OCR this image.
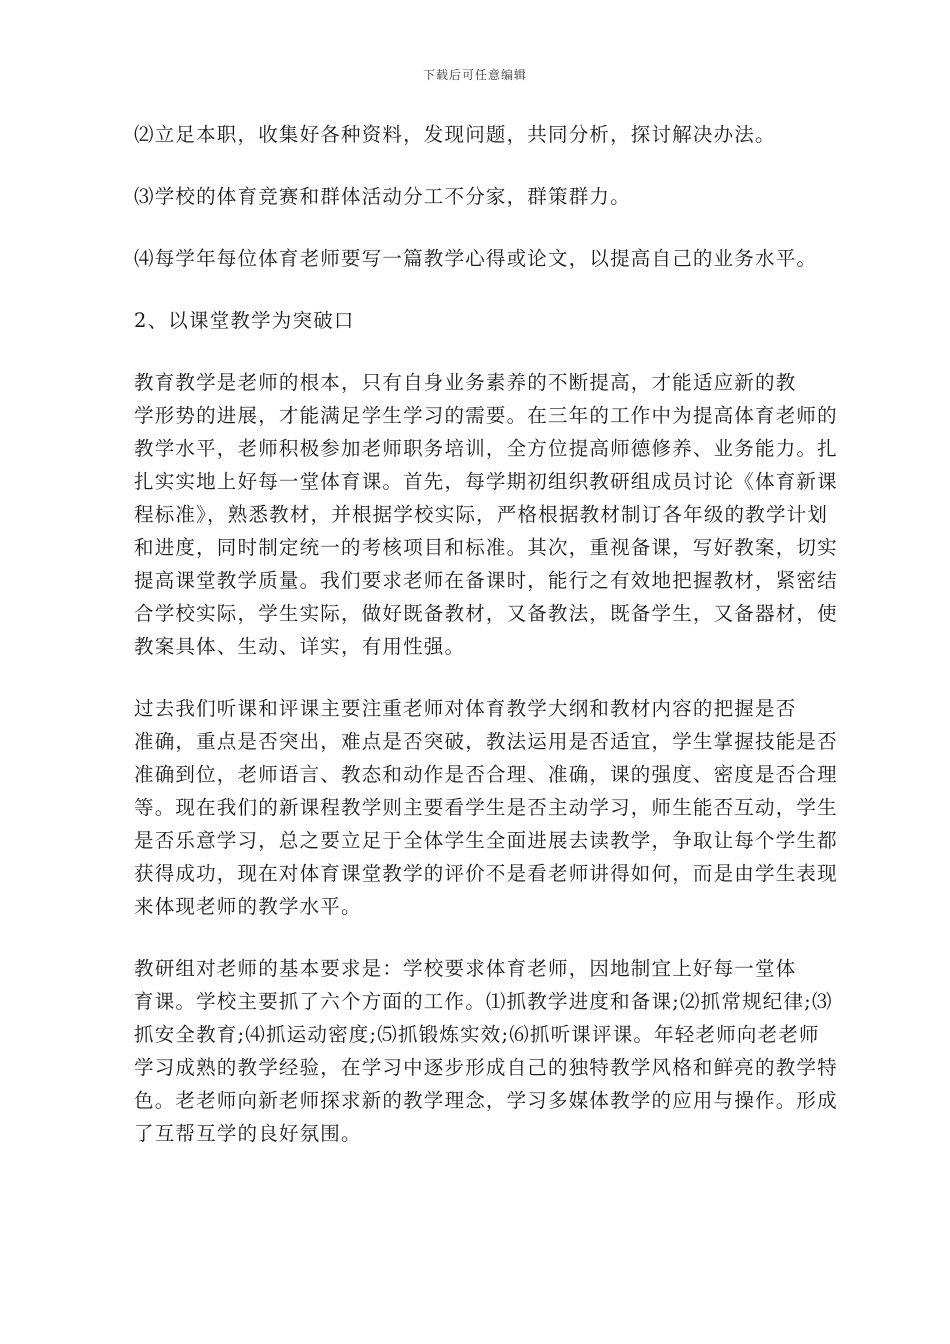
下载后可任意编辑

⑵立足本职，收集好各种资料，发现问题，共同分析，探讨解决办法。

⑶学校的体育竞赛和群体活动分工不分家，群策群力。

⑷每学年每位体育老师要写一篇教学心得或论文，以提高自己的业务水平。

2、以课堂教学为突破口

教育教学是老师的根本，只有自身业务素养的不断提高，才能适应新的教
学形势的进展，才能满足学生学习的需要。在三年的工作中为提高体育老师的
教学水平，老师积极参加老师职务培训，全方位提高师德修养、业务能力。扎
扎实实地上好每一堂体育课。首先，每学期初组织教研组成员讨论《体育新课
程标准》，熟悉教材，并根据学校实际，严格根据教材制订各年级的教学计划
和进度，同时制定统一的考核项目和标准。其次，重视备课，写好教案，切实
提高课堂教学质量。我们要求老师在备课时，能行之有效地把握教材，紧密结
合学校实际，学生实际，做好既备教材，又备教法，既备学生，又备器材，使
教案具体、生动、详实，有用性强。
过去我们听课和评课主要注重老师对体育教学大纲和教材内容的把握是否
准确，重点是否突出，难点是否突破，教法运用是否适宜，学生掌握技能是否
准确到位，老师语言、教态和动作是否合理、准确，课的强度、密度是否合理
等。现在我们的新课程教学则主要看学生是否主动学习，师生能否互动，学生
是否乐意学习，总之要立足于全体学生全面进展去读教学，争取让每个学生都
获得成功，现在对体育课堂教学的评价不是看老师讲得如何，而是由学生表现
来体现老师的教学水平。
教研组对老师的基本要求是：学校要求体育老师，因地制宜上好每一堂体
育课。学校主要抓了六个方面的工作。⑴抓教学进度和备课;⑵抓常规纪律;⑶
抓安全教育;⑷抓运动密度;⑸抓锻炼实效;⑹抓听课评课。年轻老师向老老师
学习成熟的教学经验，在学习中逐步形成自己的独特教学风格和鲜亮的教学特
色。老老师向新老师探求新的教学理念，学习多媒体教学的应用与操作。形成
了互帮互学的良好氛围。
